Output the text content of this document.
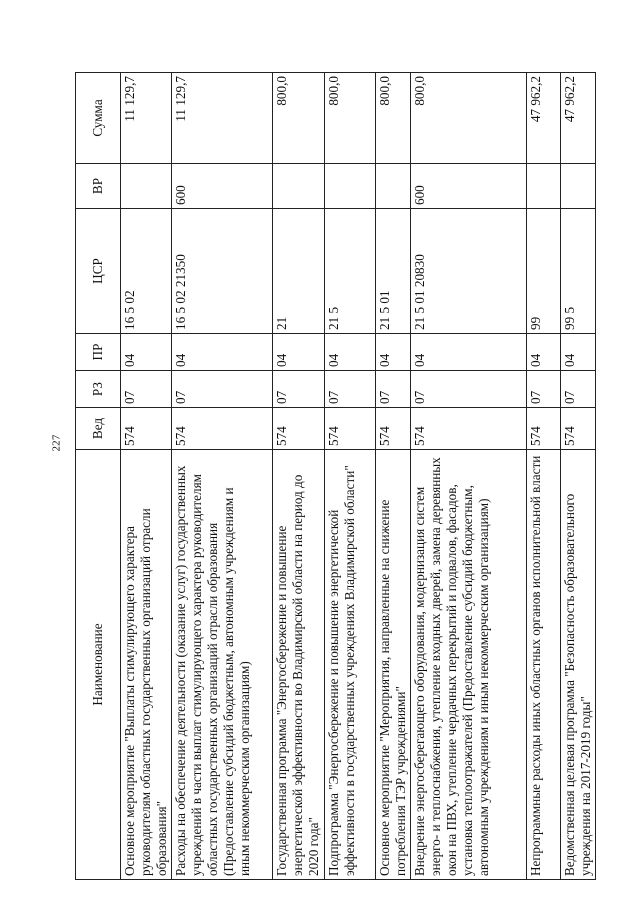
227
Наименование	Вед	РЗ	ПР	ЦСР	ВР	Сумма
Основное мероприятие "Выплаты стимулирующего характера руководителям областных государственных организаций отрасли образования"	574	07	04	16 5 02		11 129,7
Расходы на обеспечение деятельности (оказание услуг) государственных учреждений в части выплат стимулирующего характера руководителям областных государственных организаций отрасли образования (Предоставление субсидий бюджетным, автономным учреждениям и иным некоммерческим организациям)	574	07	04	16 5 02 21350	600	11 129,7
Государственная программа "Энергосбережение и повышение энергетической эффективности во Владимирской области на период до 2020 года"	574	07	04	21		800,0
Подпрограмма "Энергосбережение и повышение энергетической эффективности в государственных учреждениях Владимирской области"	574	07	04	21 5		800,0
Основное мероприятие "Мероприятия, направленные на снижение потребления ТЭР учреждениями"	574	07	04	21 5 01		800,0
Внедрение энергосберегающего оборудования, модернизация систем энерго- и теплоснабжения, утепление входных дверей, замена деревянных окон на ПВХ, утепление чердачных перекрытий и подвалов, фасадов, установка теплоотражателей (Предоставление субсидий бюджетным, автономным учреждениям и иным некоммерческим организациям)	574	07	04	21 5 01 20830	600	800,0
Непрограммные расходы иных областных органов исполнительной власти	574	07	04	99		47 962,2
Ведомственная целевая программа "Безопасность образовательного учреждения на 2017-2019 годы"	574	07	04	99 5		47 962,2
